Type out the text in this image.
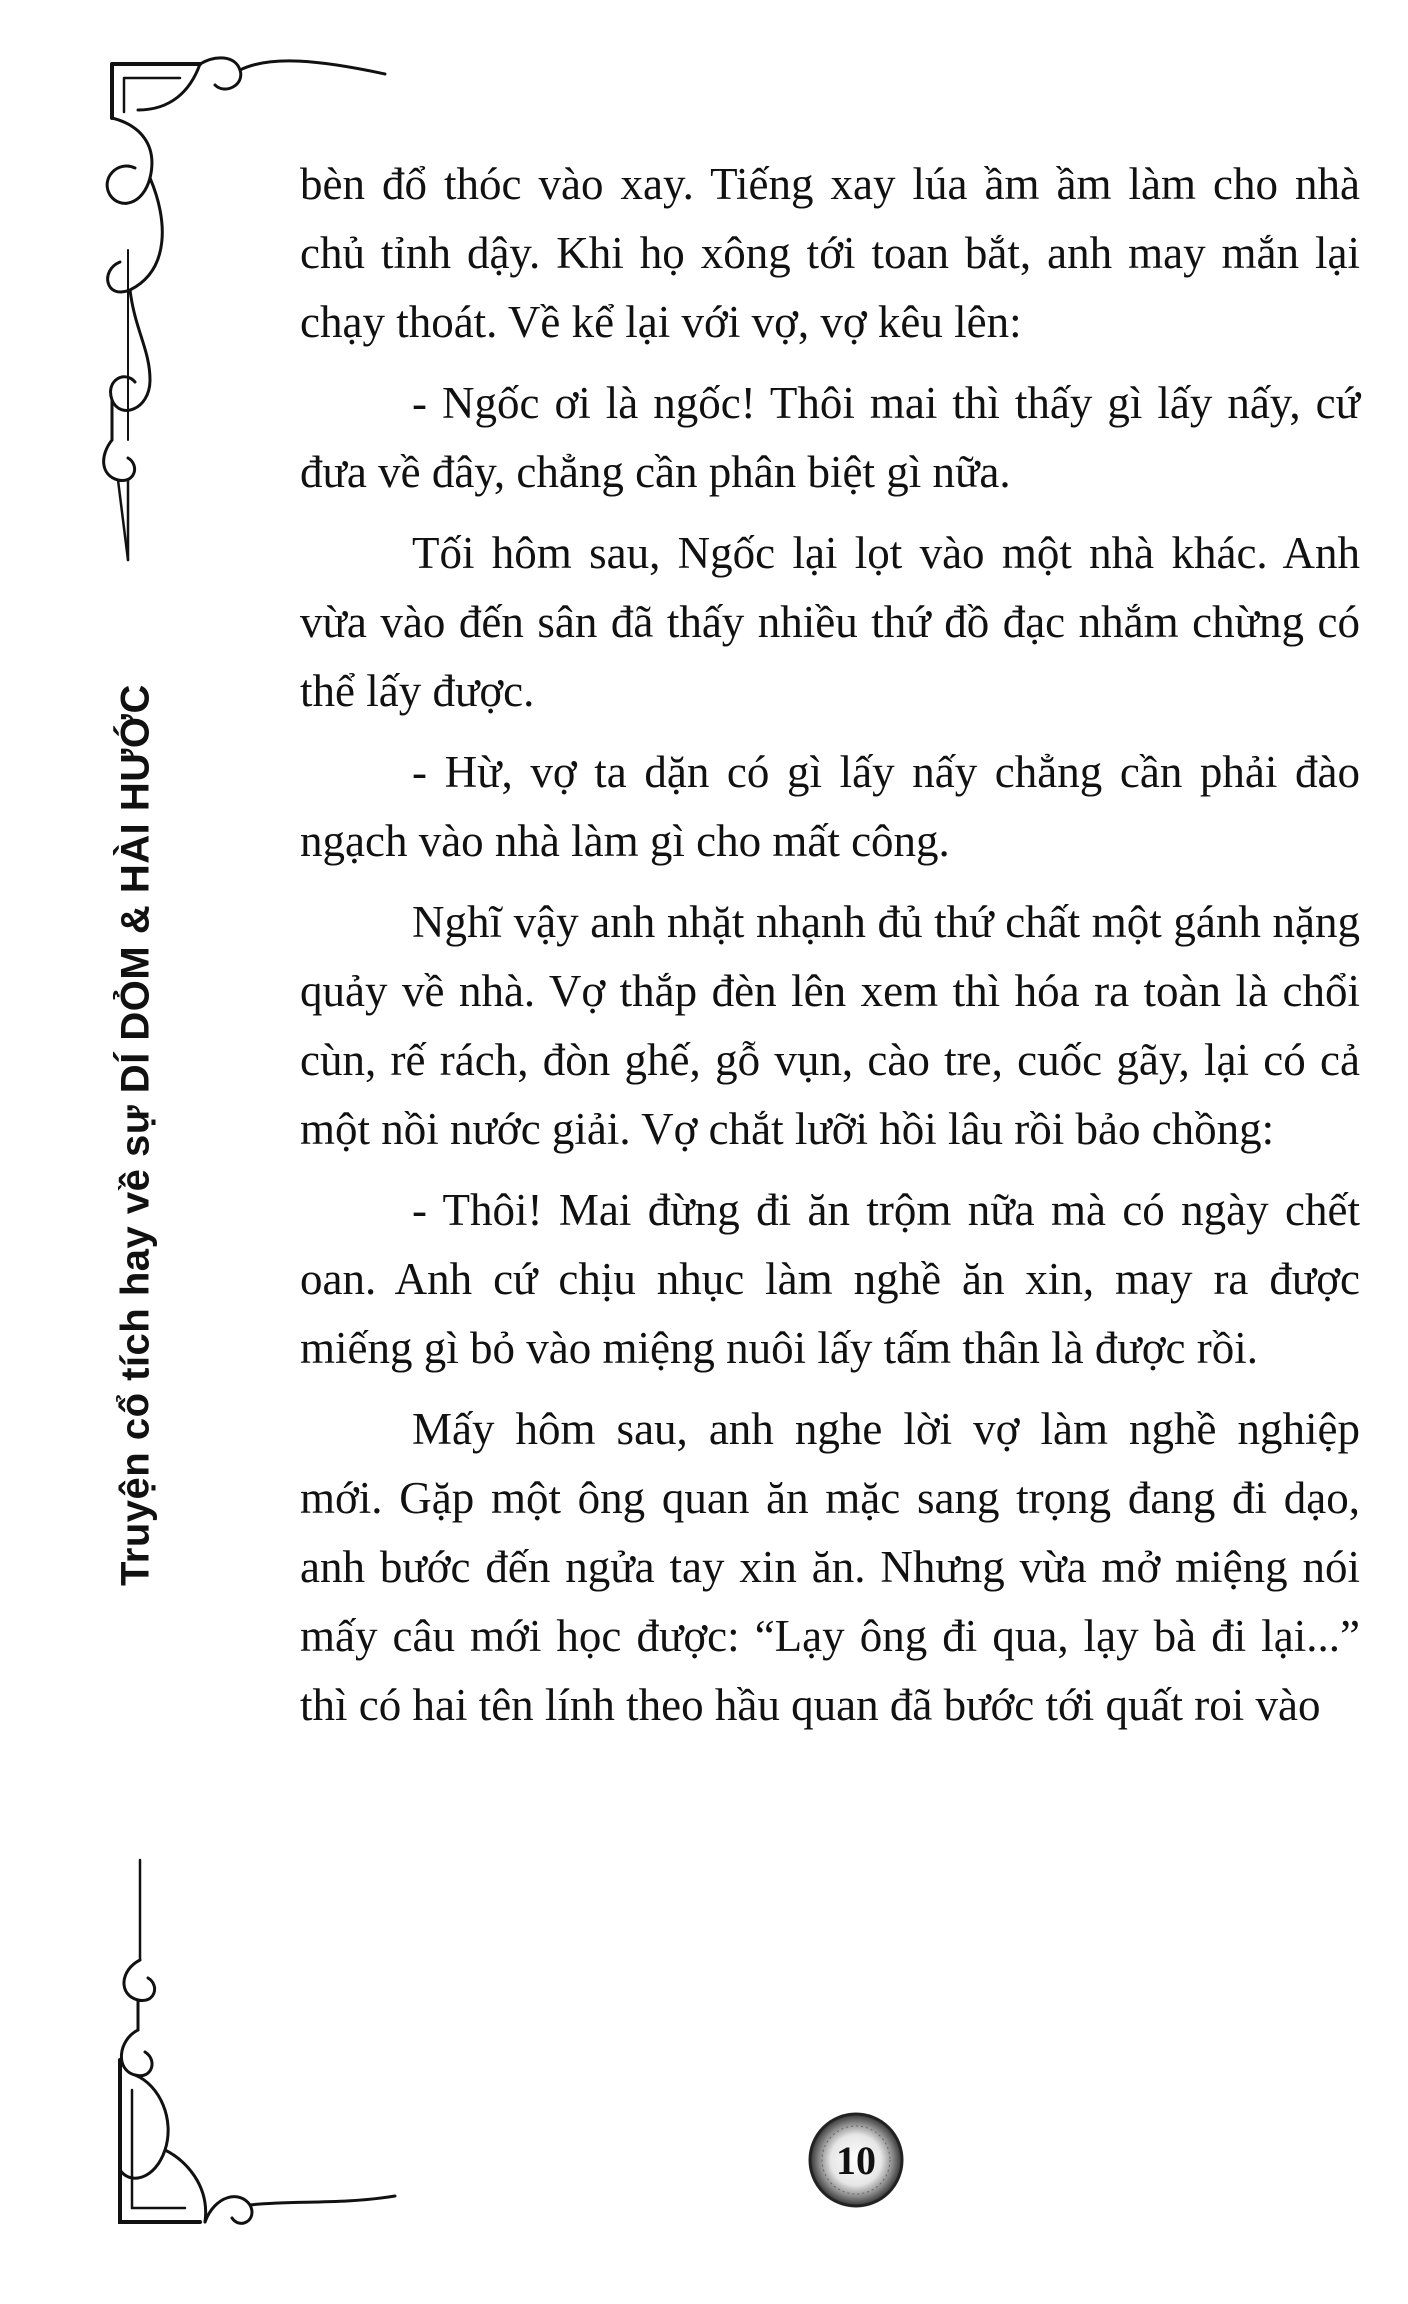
Truyện cổ tích hay về sự DÍ DỎM & HÀI HƯỚC

bèn đổ thóc vào xay. Tiếng xay lúa ầm ầm làm cho nhà chủ tỉnh dậy. Khi họ xông tới toan bắt, anh may mắn lại chạy thoát. Về kể lại với vợ, vợ kêu lên:

- Ngốc ơi là ngốc! Thôi mai thì thấy gì lấy nấy, cứ đưa về đây, chẳng cần phân biệt gì nữa.

Tối hôm sau, Ngốc lại lọt vào một nhà khác. Anh vừa vào đến sân đã thấy nhiều thứ đồ đạc nhắm chừng có thể lấy được.

- Hừ, vợ ta dặn có gì lấy nấy chẳng cần phải đào ngạch vào nhà làm gì cho mất công.

Nghĩ vậy anh nhặt nhạnh đủ thứ chất một gánh nặng quảy về nhà. Vợ thắp đèn lên xem thì hóa ra toàn là chổi cùn, rế rách, đòn ghế, gỗ vụn, cào tre, cuốc gãy, lại có cả một nồi nước giải. Vợ chắt lưỡi hồi lâu rồi bảo chồng:

- Thôi! Mai đừng đi ăn trộm nữa mà có ngày chết oan. Anh cứ chịu nhục làm nghề ăn xin, may ra được miếng gì bỏ vào miệng nuôi lấy tấm thân là được rồi.

Mấy hôm sau, anh nghe lời vợ làm nghề nghiệp mới. Gặp một ông quan ăn mặc sang trọng đang đi dạo, anh bước đến ngửa tay xin ăn. Nhưng vừa mở miệng nói mấy câu mới học được: “Lạy ông đi qua, lạy bà đi lại...” thì có hai tên lính theo hầu quan đã bước tới quất roi vào

10
